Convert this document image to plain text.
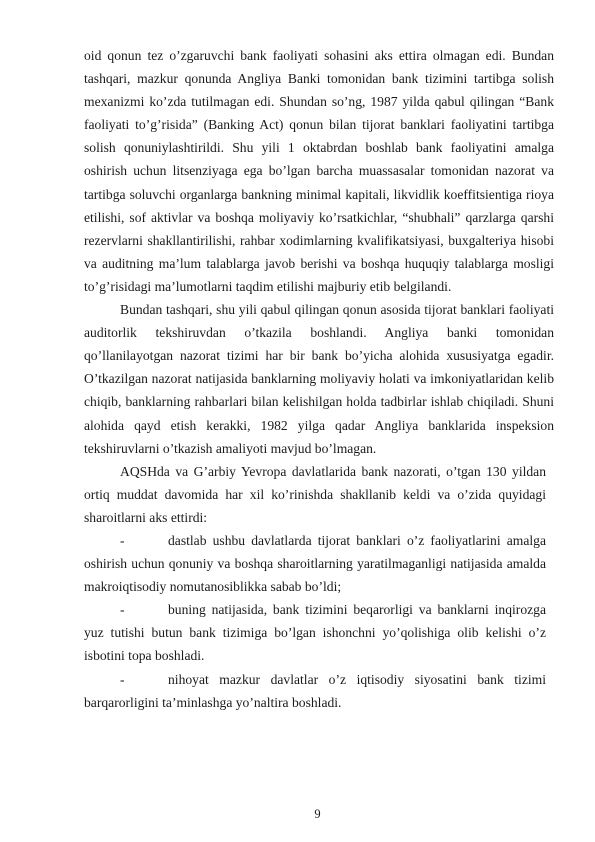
oid qonun tez o’zgaruvchi bank faoliyati sohasini aks ettira olmagan edi. Bundan tashqari, mazkur qonunda Angliya Banki tomonidan bank tizimini tartibga solish mexanizmi ko’zda tutilmagan edi. Shundan so’ng, 1987 yilda qabul qilingan “Bank faoliyati to’g’risida” (Banking Act) qonun bilan tijorat banklari faoliyatini tartibga solish qonuniylashtirildi. Shu yili 1 oktabrdan boshlab bank faoliyatini amalga oshirish uchun litsenziyaga ega bo’lgan barcha muassasalar tomonidan nazorat va tartibga soluvchi organlarga bankning minimal kapitali, likvidlik koeffitsientiga rioya etilishi, sof aktivlar va boshqa moliyaviy ko’rsatkichlar, “shubhali” qarzlarga qarshi rezervlarni shakllantirilishi, rahbar xodimlarning kvalifikatsiyasi, buxgalteriya hisobi va auditning ma’lum talablarga javob berishi va boshqa huquqiy talablarga mosligi to’g’risidagi ma’lumotlarni taqdim etilishi majburiy etib belgilandi.

Bundan tashqari, shu yili qabul qilingan qonun asosida tijorat banklari faoliyati auditorlik tekshiruvdan o’tkazila boshlandi. Angliya banki tomonidan qo’llanilayotgan nazorat tizimi har bir bank bo’yicha alohida xususiyatga egadir. O’tkazilgan nazorat natijasida banklarning moliyaviy holati va imkoniyatlaridan kelib chiqib, banklarning rahbarlari bilan kelishilgan holda tadbirlar ishlab chiqiladi. Shuni alohida qayd etish kerakki, 1982 yilga qadar Angliya banklarida inspeksion tekshiruvlarni o’tkazish amaliyoti mavjud bo’lmagan.

AQSHda va G’arbiy Yevropa davlatlarida bank nazorati, o’tgan 130 yildan ortiq muddat davomida har xil ko’rinishda shakllanib keldi va o’zida quyidagi sharoitlarni aks ettirdi:

-	dastlab ushbu davlatlarda tijorat banklari o’z faoliyatlarini amalga oshirish uchun qonuniy va boshqa sharoitlarning yaratilmaganligi natijasida amalda makroiqtisodiy nomutanosiblikka sabab bo’ldi;

-	buning natijasida, bank tizimini beqarorligi va banklarni inqirozga yuz tutishi butun bank tizimiga bo’lgan ishonchni yo’qolishiga olib kelishi o’z isbotini topa boshladi.

-	nihoyat mazkur davlatlar o’z iqtisodiy siyosatini bank tizimi barqarorligini ta’minlashga yo’naltira boshladi.

9
